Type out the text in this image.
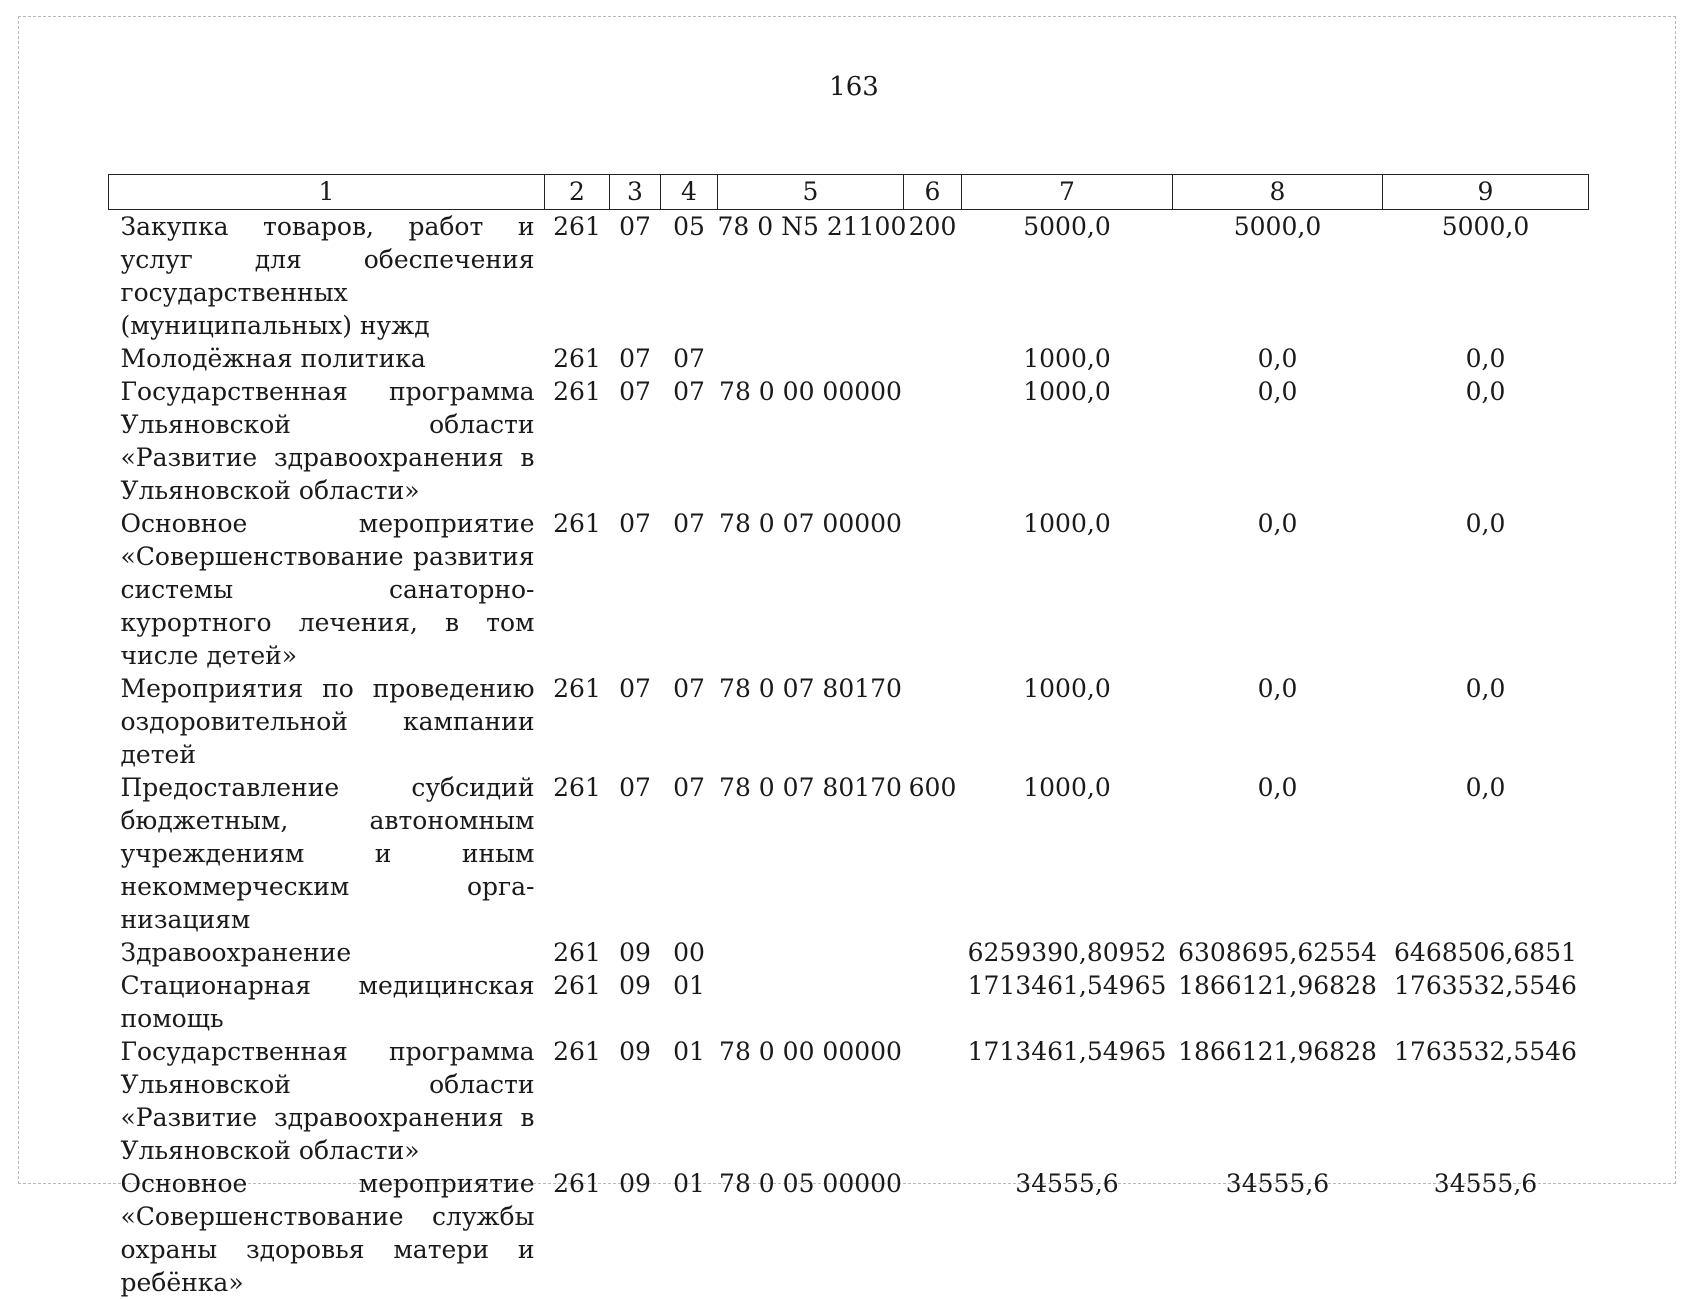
163
1	2	3	4	5	6	7	8	9
Закупка товаров, работ и услуг для обеспечения государственных (муниципальных) нужд	261	07	05	78 0 N5 21100	200	5000,0	5000,0	5000,0
Молодёжная политика	261	07	07			1000,0	0,0	0,0
Государственная программа Ульяновской области «Развитие здравоохранения в Ульяновской области»	261	07	07	78 0 00 00000		1000,0	0,0	0,0
Основное мероприятие «Совершенствование развития системы санаторно-курортного лечения, в том числе детей»	261	07	07	78 0 07 00000		1000,0	0,0	0,0
Мероприятия по проведению оздоровительной кампании детей	261	07	07	78 0 07 80170		1000,0	0,0	0,0
Предоставление субсидий бюджетным, автономным учреждениям и иным некоммерческим организациям	261	07	07	78 0 07 80170	600	1000,0	0,0	0,0
Здравоохранение	261	09	00			6259390,80952	6308695,62554	6468506,6851
Стационарная медицинская помощь	261	09	01			1713461,54965	1866121,96828	1763532,5546
Государственная программа Ульяновской области «Развитие здравоохранения в Ульяновской области»	261	09	01	78 0 00 00000		1713461,54965	1866121,96828	1763532,5546
Основное мероприятие «Совершенствование службы охраны здоровья матери и ребёнка»	261	09	01	78 0 05 00000		34555,6	34555,6	34555,6
